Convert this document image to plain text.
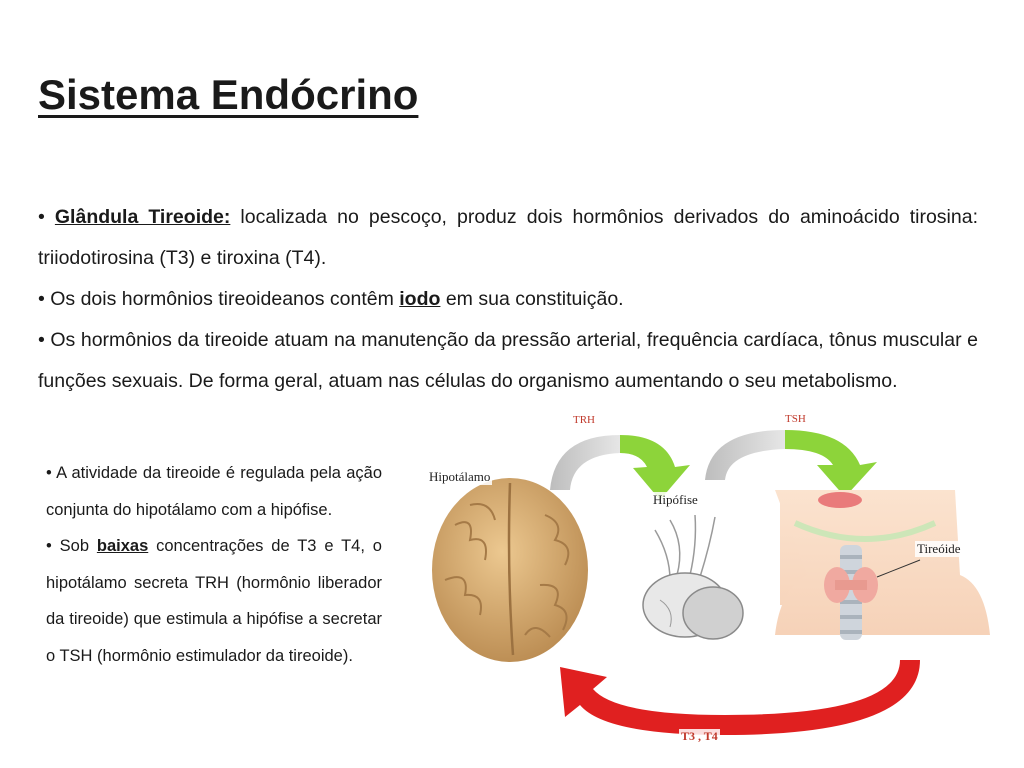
Sistema Endócrino

• Glândula Tireoide: localizada no pescoço, produz dois hormônios derivados do aminoácido tirosina: triiodotirosina (T3) e tiroxina (T4).

• Os dois hormônios tireoideanos contêm iodo em sua constituição.

• Os hormônios da tireoide atuam na manutenção da pressão arterial, frequência cardíaca, tônus muscular e funções sexuais. De forma geral, atuam nas células do organismo aumentando o seu metabolismo.

• A atividade da tireoide é regulada pela ação conjunta do hipotálamo com a hipófise.

• Sob baixas concentrações de T3 e T4, o hipotálamo secreta TRH (hormônio liberador da tireoide) que estimula a hipófise a secretar o TSH (hormônio estimulador da tireoide).

Hipotálamo
Hipófise
Tireóide
TRH	TSH
T3 , T4
